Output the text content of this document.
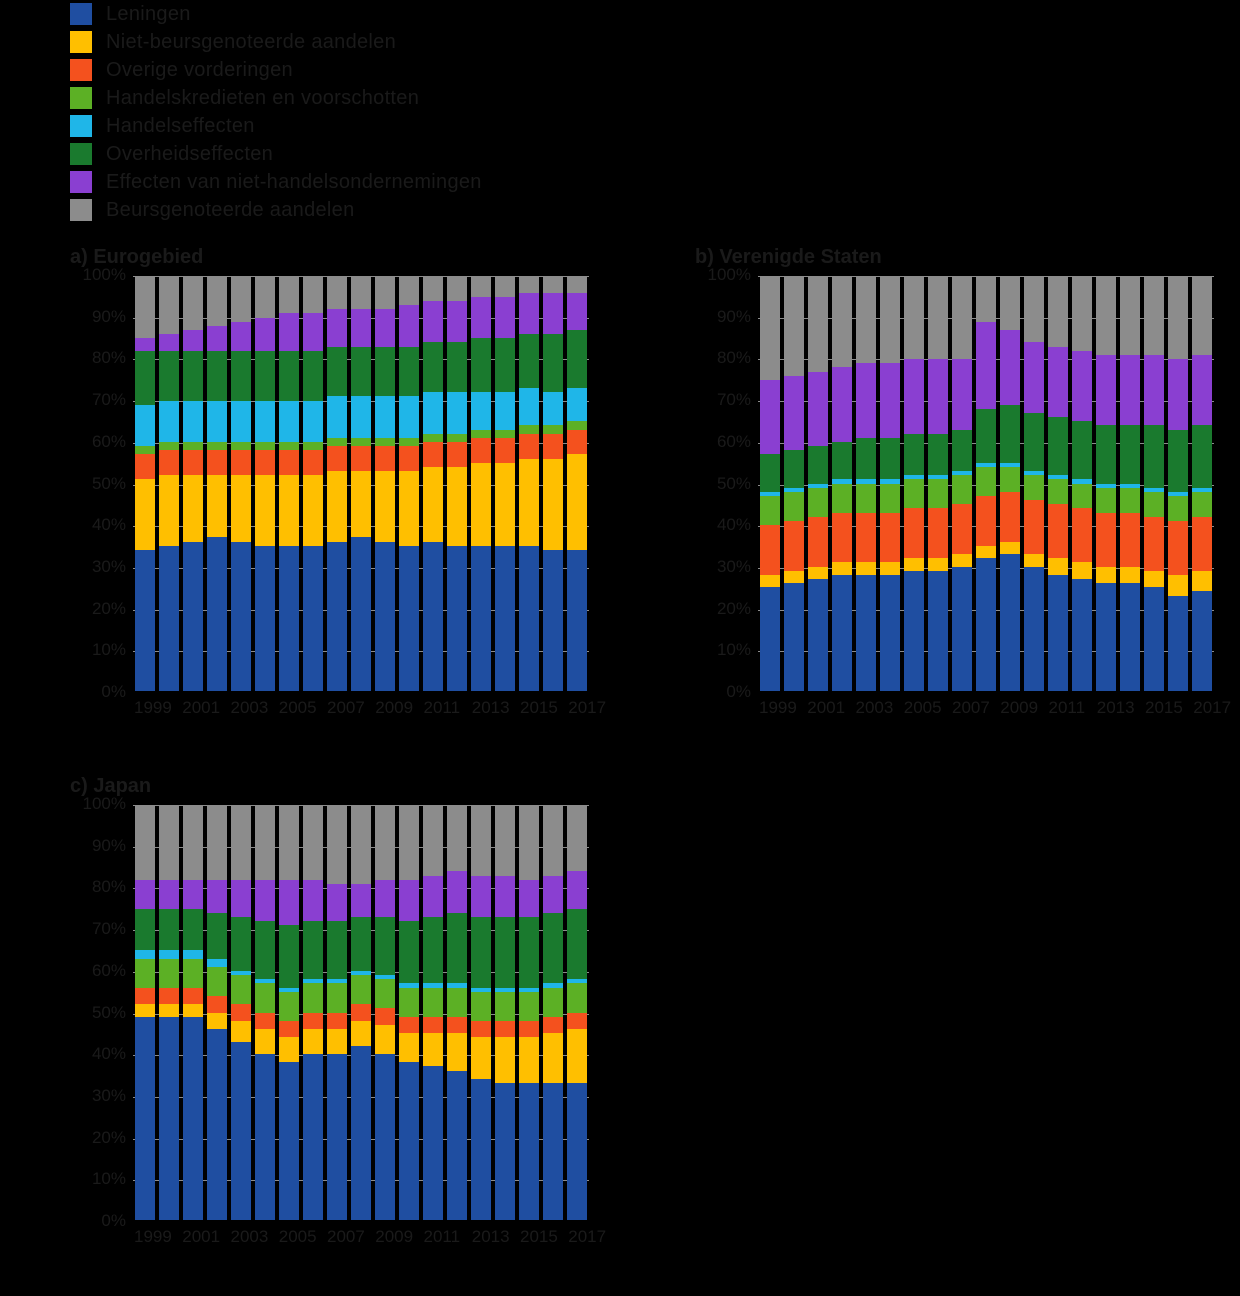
Leningen
Niet-beursgenoteerde aandelen
Overige vorderingen
Handelskredieten en voorschotten
Handelseffecten
Overheidseffecten
Effecten van niet-handelsondernemingen
Beursgenoteerde aandelen
a) Eurogebied
0%
10%
20%
30%
40%
50%
60%
70%
80%
90%
100%
1999 2001 2003 2005 2007 2009 2011 2013 2015 2017
b) Verenigde Staten
0%
10%
20%
30%
40%
50%
60%
70%
80%
90%
100%
1999 2001 2003 2005 2007 2009 2011 2013 2015 2017
c) Japan
0%
10%
20%
30%
40%
50%
60%
70%
80%
90%
100%
1999 2001 2003 2005 2007 2009 2011 2013 2015 2017
